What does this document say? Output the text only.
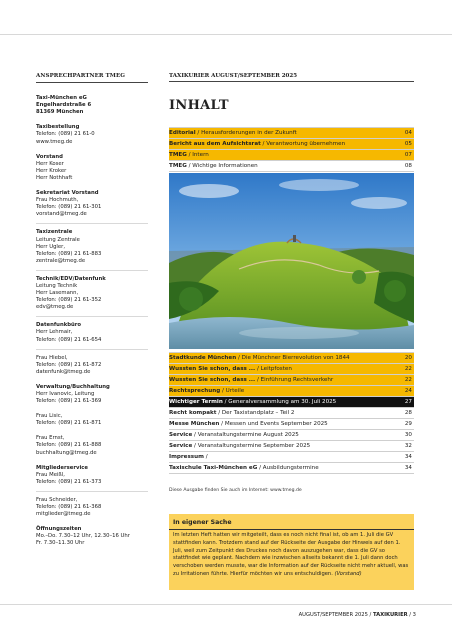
ANSPRECHPARTNER TMEG
Taxi-München eG
Engelhardstraße 6
81369 München
Taxibestellung
Telefon: (089) 21 61-0
www.tmeg.de
Vorstand
Herr Koser
Herr Kroker
Herr Nothhaft
Sekretariat Vorstand
Frau Hochmuth,
Telefon: (089) 21 61-301
vorstand@tmeg.de
Taxizentrale
Leitung Zentrale
Herr Ugler,
Telefon: (089) 21 61-883
zentrale@tmeg.de
Technik/EDV/Datenfunk
Leitung Technik
Herr Lasemann,
Telefon: (089) 21 61-352
edv@tmeg.de
Datenfunkbüro
Herr Lehmair,
Telefon: (089) 21 61-654
Frau Hiebel,
Telefon: (089) 21 61-872
datenfunk@tmeg.de
Verwaltung/Buchhaltung
Herr Ivanovic, Leitung
Telefon: (089) 21 61-369
Frau Lisic,
Telefon: (089) 21 61-871
Frau Ernst,
Telefon: (089) 21 61-888
buchhaltung@tmeg.de
Mitgliederservice
Frau Meißl,
Telefon: (089) 21 61-373
Frau Schneider,
Telefon: (089) 21 61-368
mitglieder@tmeg.de
Öffnungszeiten
Mo.–Do. 7.30–12 Uhr, 12.30–16 Uhr
Fr. 7.30–11.30 Uhr
TAXIKURIER AUGUST/SEPTEMBER 2025
INHALT
Editorial / Herausforderungen in der Zukunft	04
Bericht aus dem Aufsichtsrat / Verantwortung übernehmen	05
TMEG / Intern	07
TMEG / Wichtige Informationen	08
Stadtkunde München / Die Münchner Bierrevolution von 1844	20
Wussten Sie schon, dass ... / Leitpfosten	22
Wussten Sie schon, dass ... / Einführung Rechtsverkehr	22
Rechtsprechung / Urteile	24
Wichtiger Termin / Generalversammlung am 30. Juli 2025	27
Recht kompakt / Der Taxistandplatz – Teil 2	28
Messe München / Messen und Events September 2025	29
Service / Veranstaltungstermine August 2025	30
Service / Veranstaltungstermine September 2025	32
Impressum /	34
Taxischule Taxi-München eG / Ausbildungstermine	34
Diese Ausgabe finden Sie auch im Internet: www.tmeg.de
In eigener Sache
Im letzten Heft hatten wir mitgeteilt, dass es noch nicht final ist, ob am 1. Juli die GV stattfinden kann. Trotzdem stand auf der Rückseite der Ausgabe der Hinweis auf den 1. Juli, weil zum Zeitpunkt des Druckes noch davon auszugehen war, dass die GV so stattfindet wie geplant. Nachdem wie inzwischen allseits bekannt die 1. Juli dann doch verschoben werden musste, war die Information auf der Rückseite nicht mehr aktuell, was zu Irritationen führte. Hierfür möchten wir uns entschuldigen. (Vorstand)
AUGUST/SEPTEMBER 2025 / TAXIKURIER / 3
